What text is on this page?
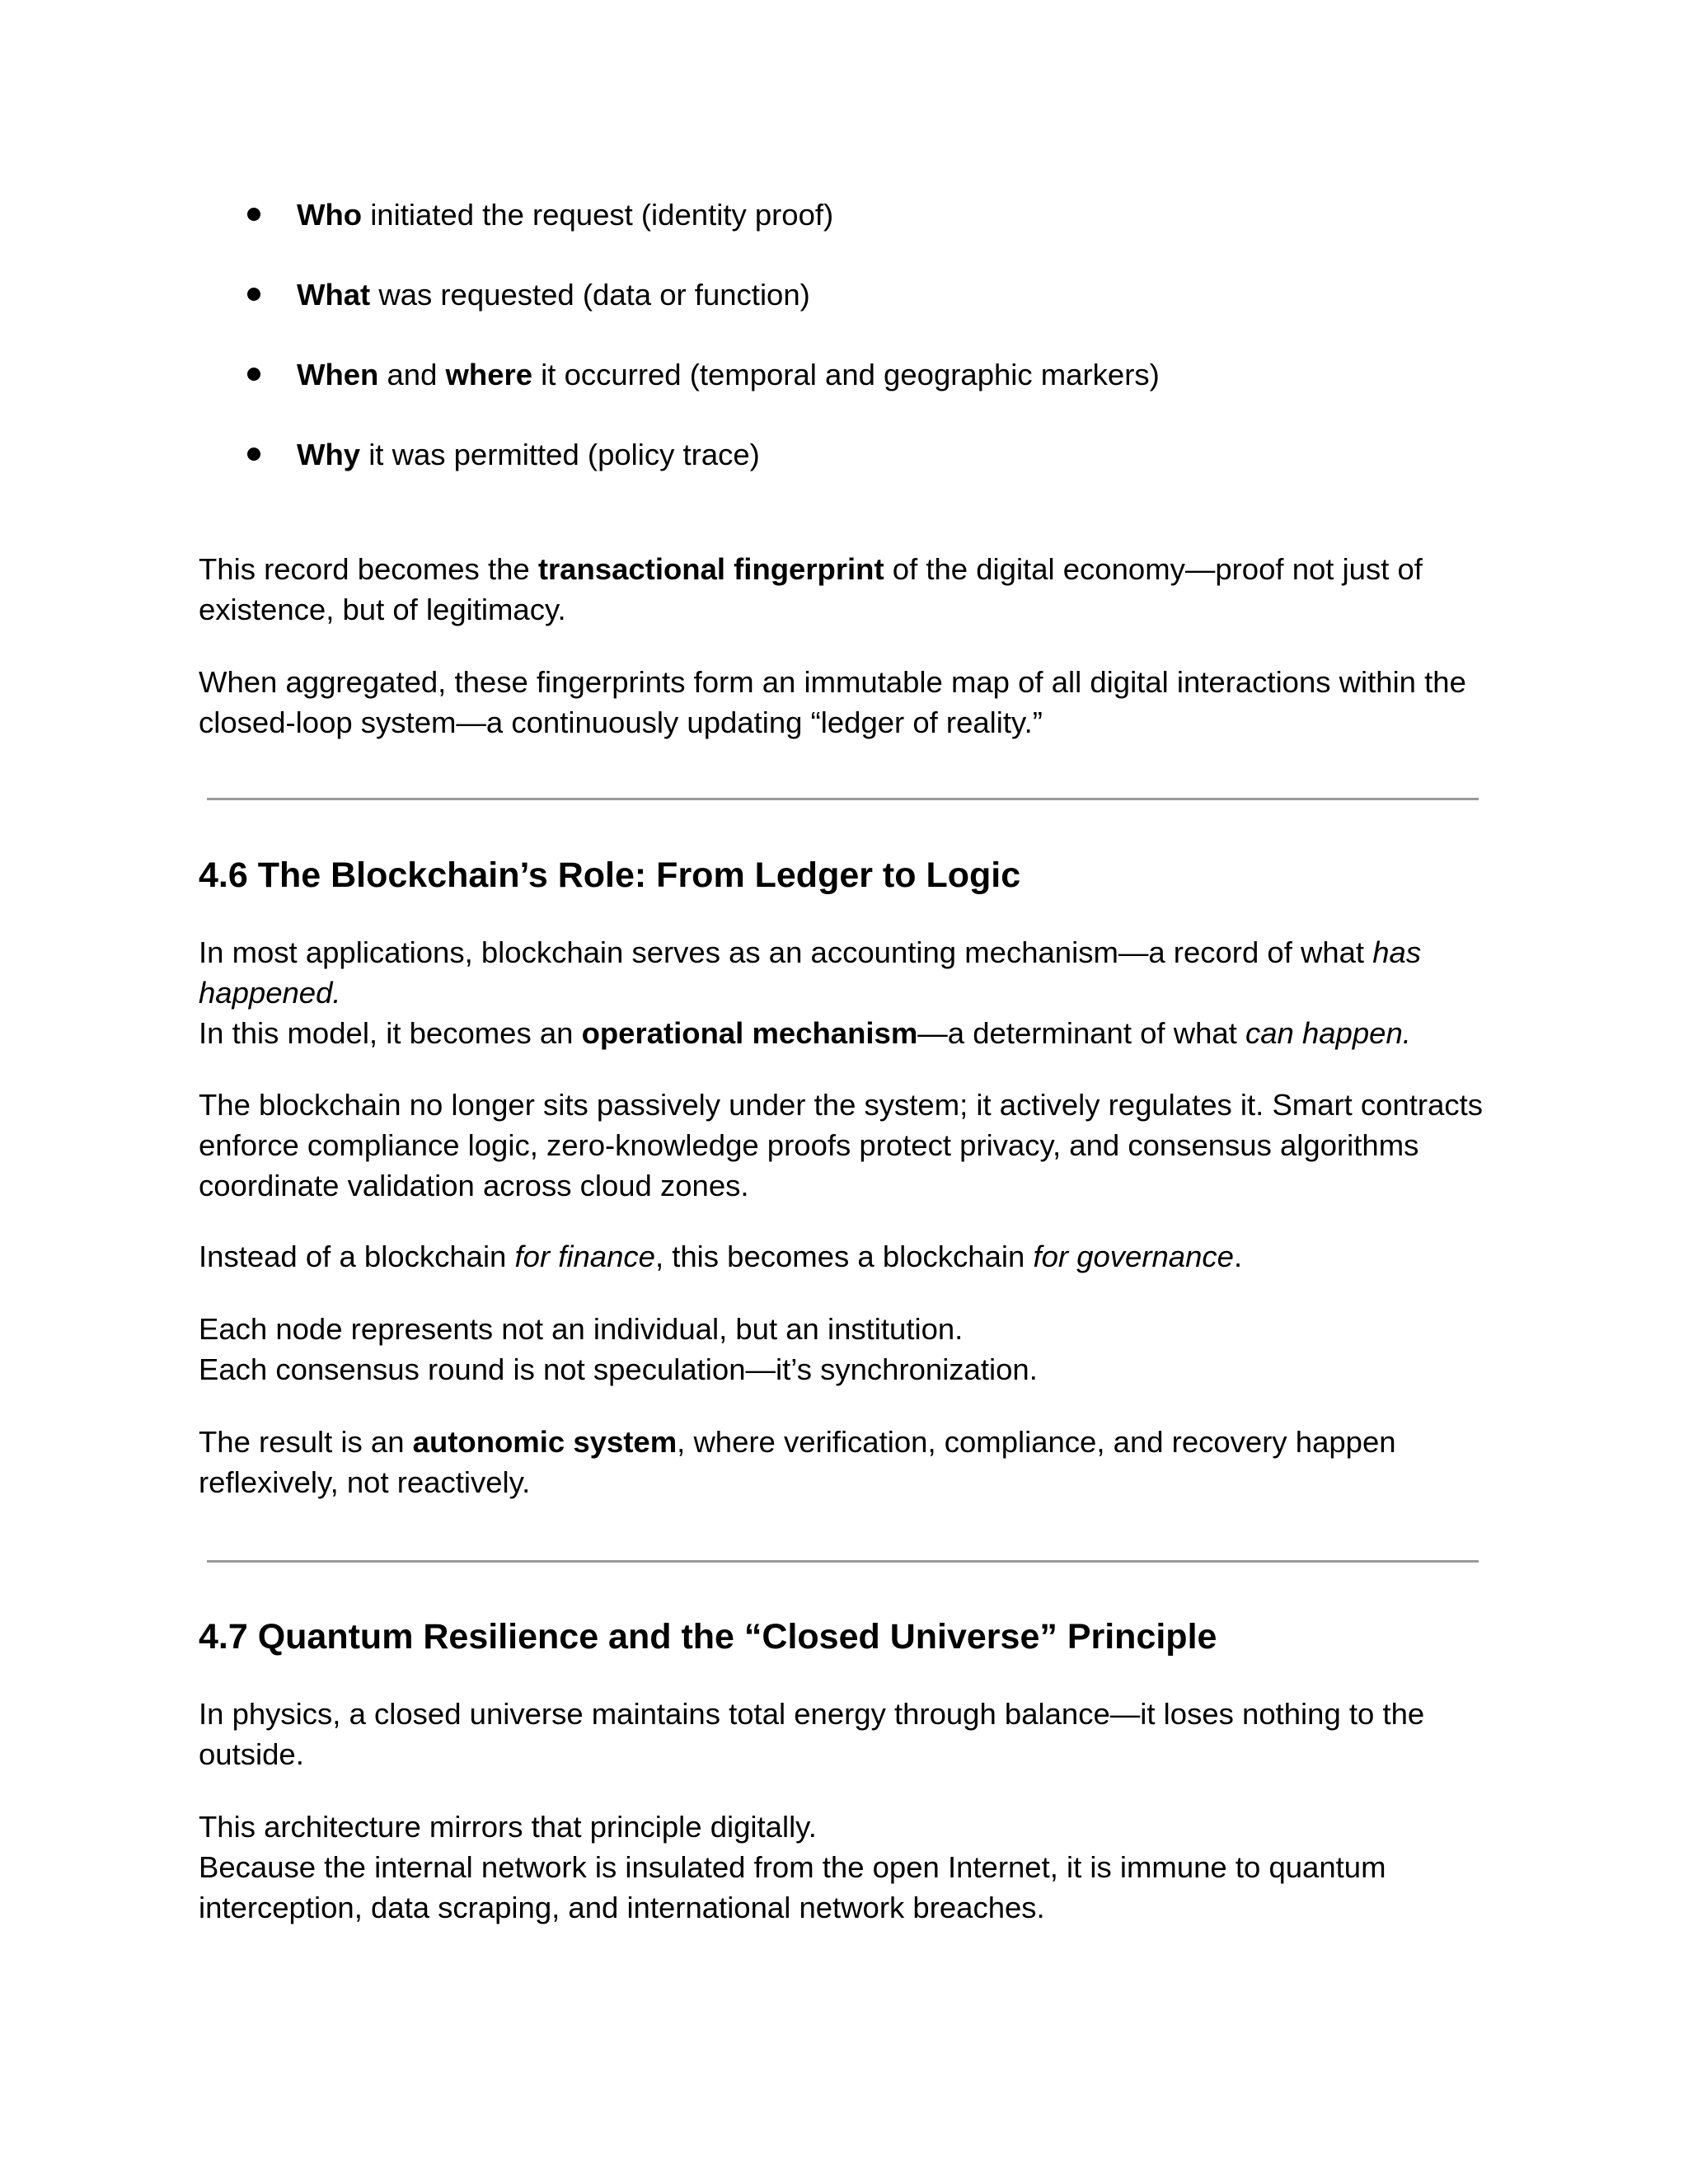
Who initiated the request (identity proof)
What was requested (data or function)
When and where it occurred (temporal and geographic markers)
Why it was permitted (policy trace)

This record becomes the transactional fingerprint of the digital economy—proof not just of existence, but of legitimacy.

When aggregated, these fingerprints form an immutable map of all digital interactions within the closed-loop system—a continuously updating “ledger of reality.”

4.6 The Blockchain’s Role: From Ledger to Logic

In most applications, blockchain serves as an accounting mechanism—a record of what has happened.
In this model, it becomes an operational mechanism—a determinant of what can happen.

The blockchain no longer sits passively under the system; it actively regulates it. Smart contracts enforce compliance logic, zero-knowledge proofs protect privacy, and consensus algorithms coordinate validation across cloud zones.

Instead of a blockchain for finance, this becomes a blockchain for governance.

Each node represents not an individual, but an institution.
Each consensus round is not speculation—it’s synchronization.

The result is an autonomic system, where verification, compliance, and recovery happen reflexively, not reactively.

4.7 Quantum Resilience and the “Closed Universe” Principle

In physics, a closed universe maintains total energy through balance—it loses nothing to the outside.

This architecture mirrors that principle digitally.
Because the internal network is insulated from the open Internet, it is immune to quantum interception, data scraping, and international network breaches.
